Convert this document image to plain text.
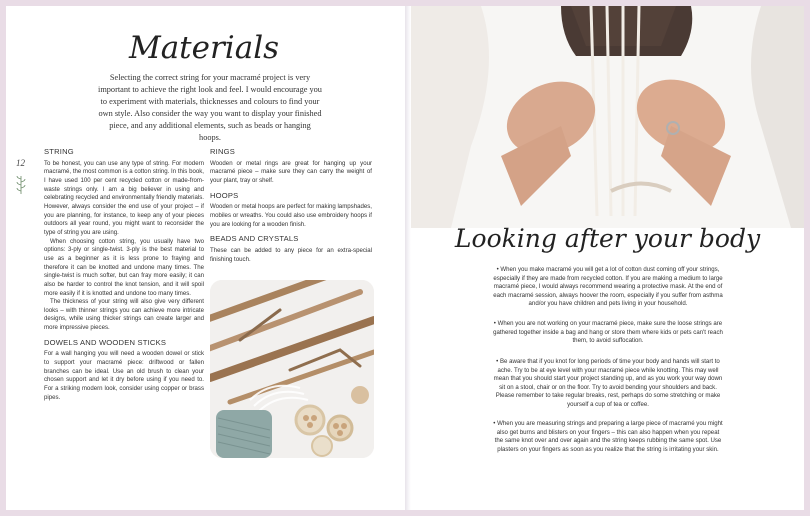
Materials
Selecting the correct string for your macramé project is very important to achieve the right look and feel. I would encourage you to experiment with materials, thicknesses and colours to find your own style. Also consider the way you want to display your finished piece, and any additional elements, such as beads or hanging hoops.
12
STRING

To be honest, you can use any type of string. For modern macramé, the most common is a cotton string. In this book, I have used 100 per cent recycled cotton or made-from-waste strings only. I am a big believer in using and celebrating recycled and environmentally friendly materials. However, always consider the end use of your project – if you are planning, for instance, to keep any of your pieces outdoors all year round, you might want to reconsider the type of string you are using.

When choosing cotton string, you usually have two options: 3-ply or single-twist. 3-ply is the best material to use as a beginner as it is less prone to fraying and therefore it can be knotted and undone many times. The single-twist is much softer, but can fray more easily; it can also be harder to control the knot tension, and it will spoil more easily if it is knotted and undone too many times.

The thickness of your string will also give very different looks – with thinner strings you can achieve more intricate designs, while using thicker strings can create larger and more impressive pieces.

DOWELS AND WOODEN STICKS

For a wall hanging you will need a wooden dowel or stick to support your macramé piece: driftwood or fallen branches can be ideal. Use an old brush to clean your chosen support and let it dry before using if you need to. For a striking modern look, consider using copper or brass pipes.

RINGS

Wooden or metal rings are great for hanging up your macramé piece – make sure they can carry the weight of your plant, tray or shelf.

HOOPS

Wooden or metal hoops are perfect for making lampshades, mobiles or wreaths. You could also use embroidery hoops if you are looking for a wooden finish.

BEADS AND CRYSTALS

These can be added to any piece for an extra-special finishing touch.

Looking after your body

• When you make macramé you will get a lot of cotton dust coming off your strings, especially if they are made from recycled cotton. If you are making a medium to large macramé piece, I would always recommend wearing a protective mask. At the end of each macramé session, always hoover the room, especially if you suffer from asthma and/or you have children and pets living in your household.

• When you are not working on your macramé piece, make sure the loose strings are gathered together inside a bag and hang or store them where kids or pets can't reach them, to avoid suffocation.

• Be aware that if you knot for long periods of time your body and hands will start to ache. Try to be at eye level with your macramé piece while knotting. This may well mean that you should start your project standing up, and as you work your way down sit on a stool, chair or on the floor. Try to avoid bending your shoulders and back. Please remember to take regular breaks, rest, perhaps do some stretching or make yourself a cup of tea or coffee.

• When you are measuring strings and preparing a large piece of macramé you might also get burns and blisters on your fingers – this can also happen when you repeat the same knot over and over again and the string keeps rubbing the same spot. Use plasters on your fingers as soon as you realize that the string is irritating your skin.
